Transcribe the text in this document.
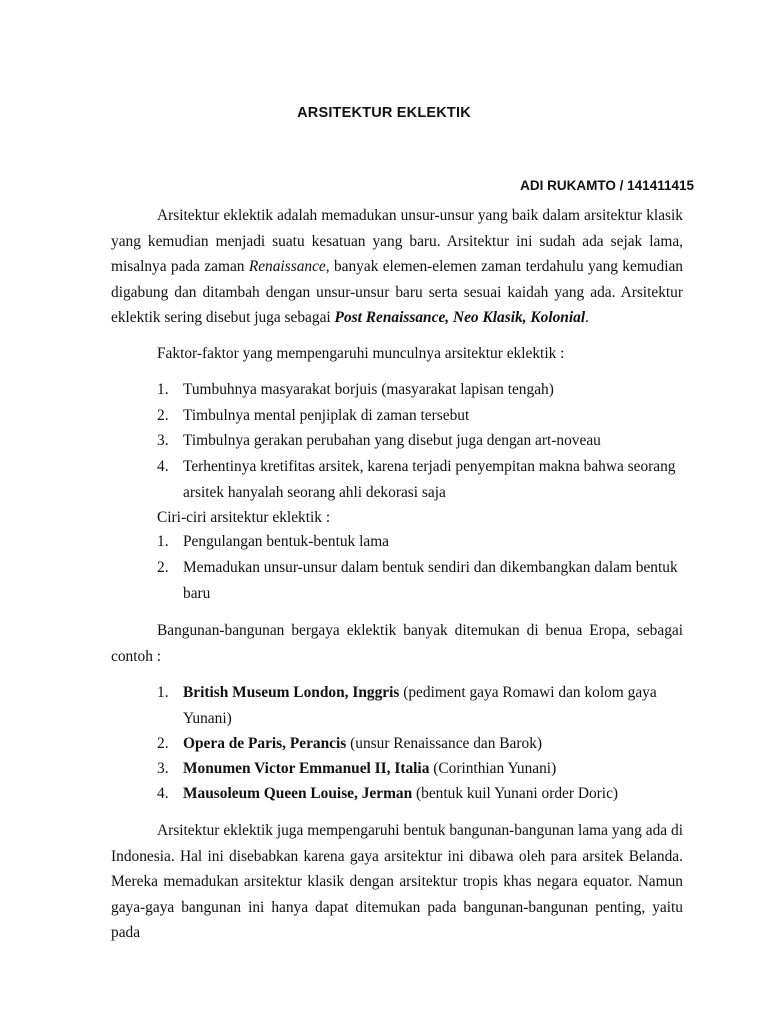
ARSITEKTUR EKLEKTIK
ADI RUKAMTO / 141411415

Arsitektur eklektik adalah memadukan unsur-unsur yang baik dalam arsitektur klasik yang kemudian menjadi suatu kesatuan yang baru. Arsitektur ini sudah ada sejak lama, misalnya pada zaman Renaissance, banyak elemen-elemen zaman terdahulu yang kemudian digabung dan ditambah dengan unsur-unsur baru serta sesuai kaidah yang ada. Arsitektur eklektik sering disebut juga sebagai Post Renaissance, Neo Klasik, Kolonial.

Faktor-faktor yang mempengaruhi munculnya arsitektur eklektik :
1. Tumbuhnya masyarakat borjuis (masyarakat lapisan tengah)
2. Timbulnya mental penjiplak di zaman tersebut
3. Timbulnya gerakan perubahan yang disebut juga dengan art-noveau
4. Terhentinya kretifitas arsitek, karena terjadi penyempitan makna bahwa seorang arsitek hanyalah seorang ahli dekorasi saja
Ciri-ciri arsitektur eklektik :
1. Pengulangan bentuk-bentuk lama
2. Memadukan unsur-unsur dalam bentuk sendiri dan dikembangkan dalam bentuk baru

Bangunan-bangunan bergaya eklektik banyak ditemukan di benua Eropa, sebagai contoh :

1. British Museum London, Inggris (pediment gaya Romawi dan kolom gaya Yunani)
2. Opera de Paris, Perancis (unsur Renaissance dan Barok)
3. Monumen Victor Emmanuel II, Italia (Corinthian Yunani)
4. Mausoleum Queen Louise, Jerman (bentuk kuil Yunani order Doric)

Arsitektur eklektik juga mempengaruhi bentuk bangunan-bangunan lama yang ada di Indonesia. Hal ini disebabkan karena gaya arsitektur ini dibawa oleh para arsitek Belanda. Mereka memadukan arsitektur klasik dengan arsitektur tropis khas negara equator. Namun gaya-gaya bangunan ini hanya dapat ditemukan pada bangunan-bangunan penting, yaitu pada
